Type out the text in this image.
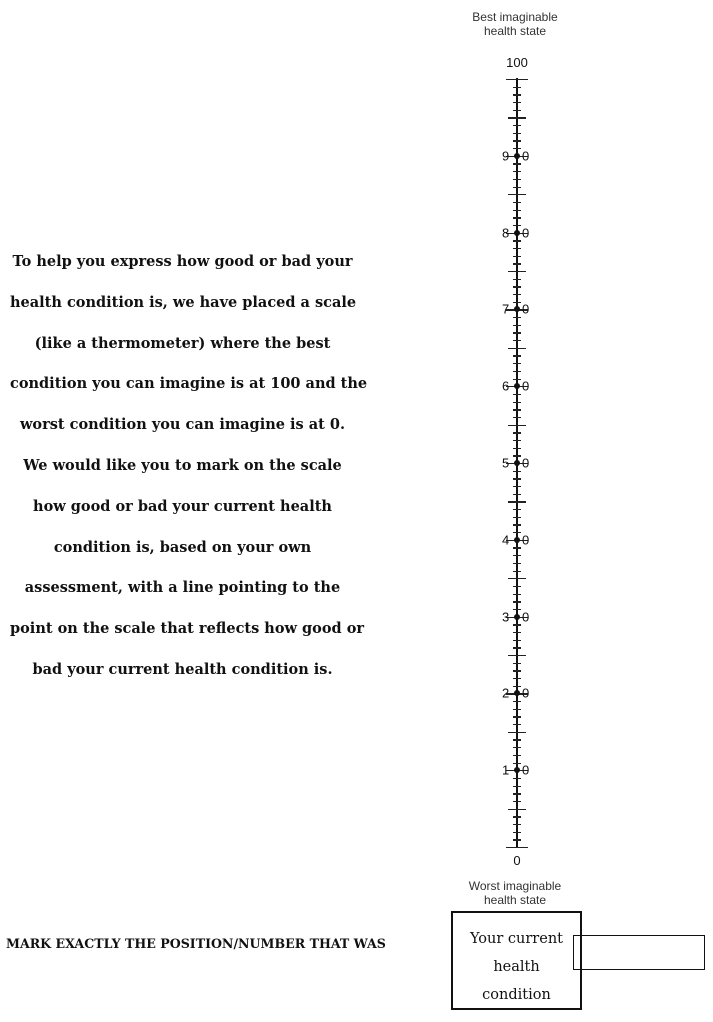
To help you express how good or bad your
health condition is, we have placed a scale
(like a thermometer) where the best
condition you can imagine is at 100 and the
worst condition you can imagine is at 0.
We would like you to mark on the scale
how good or bad your current health
condition is, based on your own
assessment, with a line pointing to the
point on the scale that reflects how good or
bad your current health condition is.
Best imaginable
health state
100
9 0
8 0
7 0
6 0
5 0
4 0
3 0
2 0
1 0
0
Worst imaginable
health state
MARK EXACTLY THE POSITION/NUMBER THAT WAS	Your current
health
condition
